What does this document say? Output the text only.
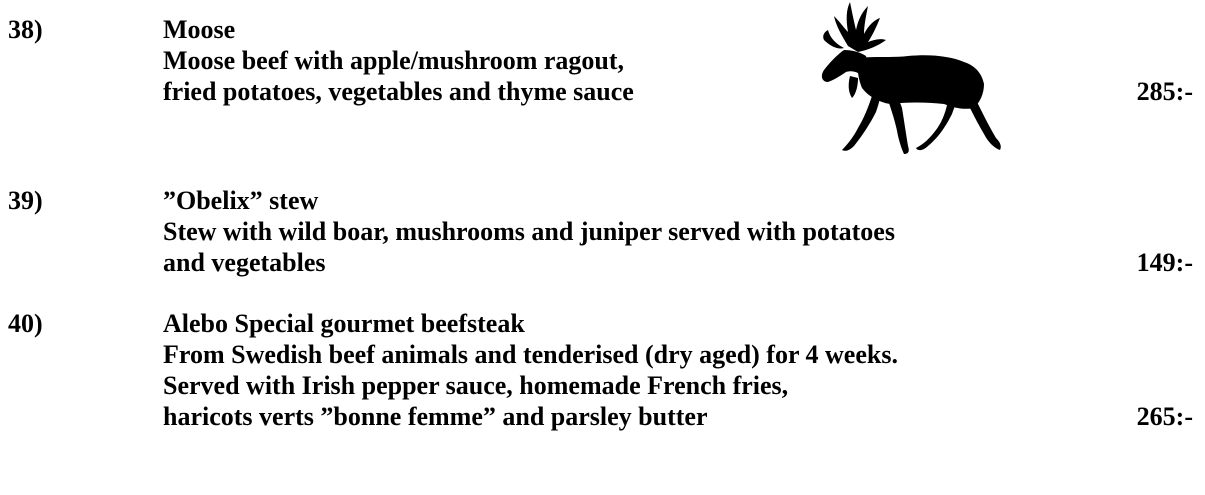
38)	Moose
Moose beef with apple/mushroom ragout,
fried potatoes, vegetables and thyme sauce	285:-
39)	”Obelix” stew
Stew with wild boar, mushrooms and juniper served with potatoes
and vegetables	149:-
40)	Alebo Special gourmet beefsteak
From Swedish beef animals and tenderised (dry aged) for 4 weeks.
Served with Irish pepper sauce, homemade French fries,
haricots verts ”bonne femme” and parsley butter	265:-
